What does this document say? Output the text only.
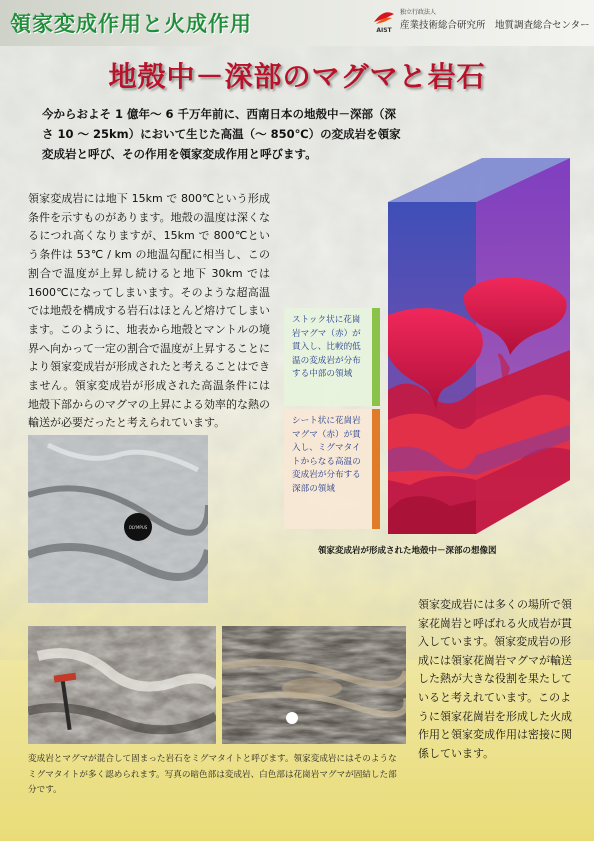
領家変成作用と火成作用	AIST
独立行政法人
産業技術総合研究所　地質調査総合センター
地殻中－深部のマグマと岩石
今からおよそ 1 億年～ 6 千万年前に、西南日本の地殻中－深部（深さ 10 ～ 25km）において生じた高温（～ 850℃）の変成岩を領家変成岩と呼び、その作用を領家変成作用と呼びます。
領家変成岩には地下 15km で 800℃という形成条件を示すものがあります。地殻の温度は深くなるにつれ高くなりますが、15km で 800℃という条件は 53℃ / km の地温勾配に相当し、この割合で温度が上昇し続けると地下 30km では 1600℃になってしまいます。そのような超高温では地殻を構成する岩石はほとんど熔けてしまいます。このように、地表から地殻とマントルの境界へ向かって一定の割合で温度が上昇することにより領家変成岩が形成されたと考えることはできません。領家変成岩が形成された高温条件には地殻下部からのマグマの上昇による効率的な熱の輸送が必要だったと考えられています。
ストック状に花崗岩マグマ（赤）が貫入し、比較的低温の変成岩が分布する中部の領域
シート状に花崗岩マグマ（赤）が貫入し、ミグマタイトからなる高温の変成岩が分布する深部の領域
領家変成岩が形成された地殻中－深部の想像図
OLYMPUS
領家変成岩には多くの場所で領家花崗岩と呼ばれる火成岩が貫入しています。領家変成岩の形成には領家花崗岩マグマが輸送した熱が大きな役割を果たしていると考えれています。このように領家花崗岩を形成した火成作用と領家変成作用は密接に関係しています。
変成岩とマグマが混合して固まった岩石をミグマタイトと呼びます。領家変成岩にはそのようなミグマタイトが多く認められます。写真の暗色部は変成岩、白色部は花崗岩マグマが固結した部分です。
